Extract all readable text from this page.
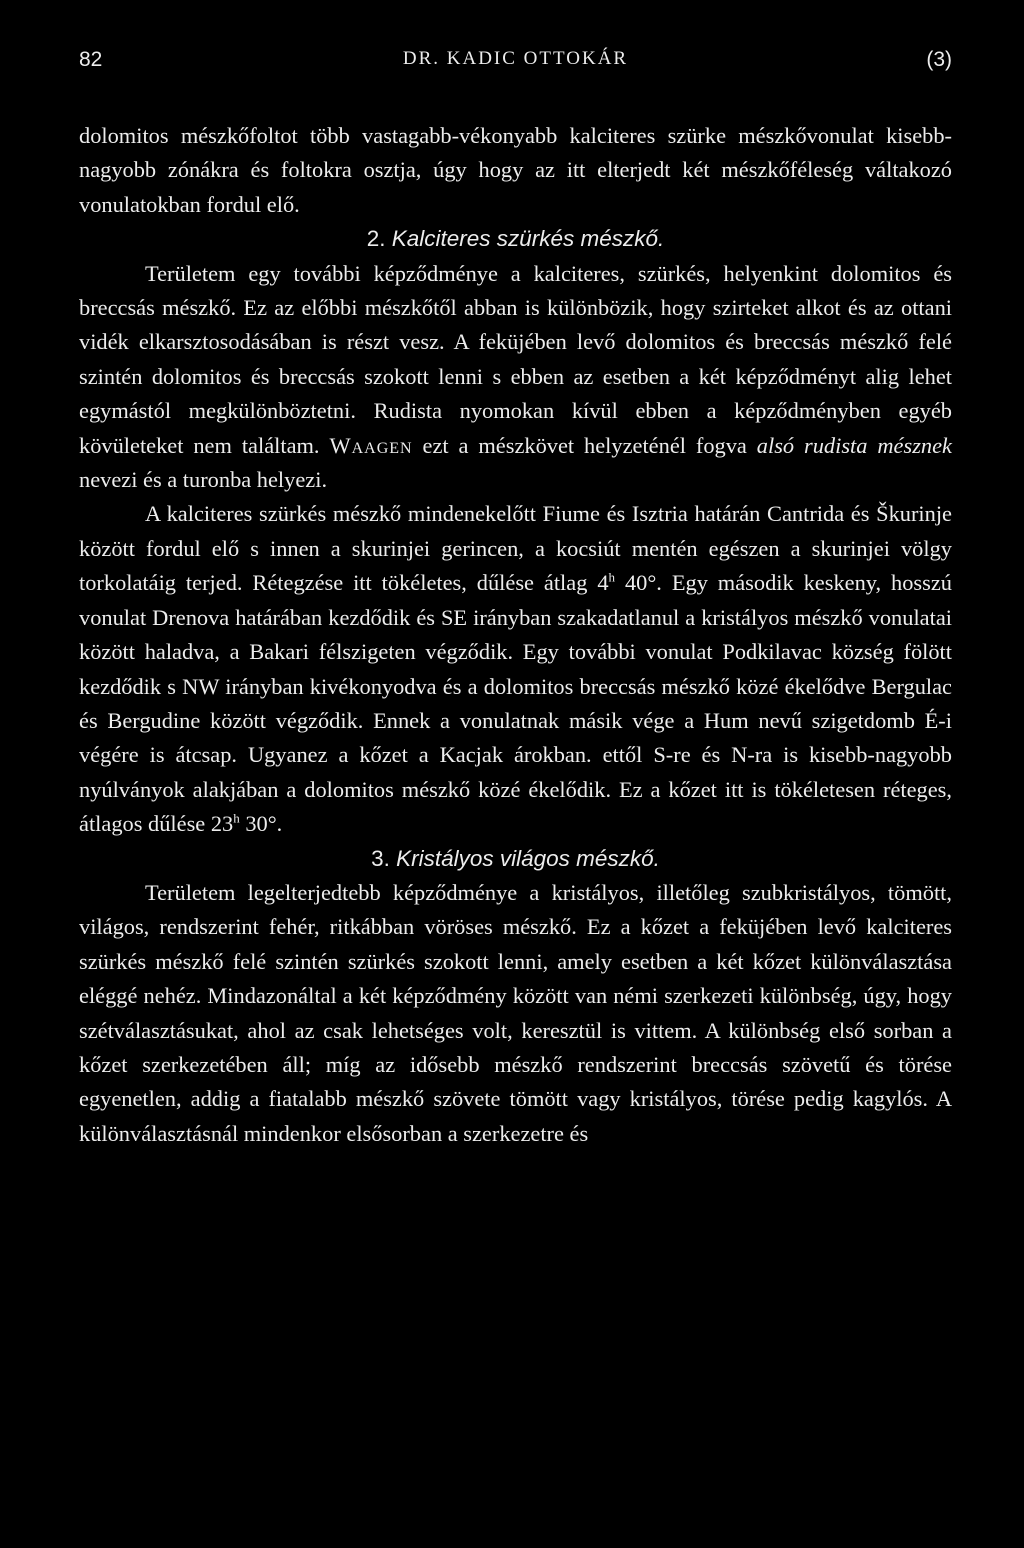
82	DR. KADIC OTTOKÁR	(3)

dolomitos mészkőfoltot több vastagabb-vékonyabb kalciteres szürke mészkővonulat kisebb-nagyobb zónákra és foltokra osztja, úgy hogy az itt elterjedt két mészkőféleség váltakozó vonulatokban fordul elő.

2. Kalciteres szürkés mészkő.

Területem egy további képződménye a kalciteres, szürkés, helyenkint dolomitos és breccsás mészkő. Ez az előbbi mészkőtől abban is különbözik, hogy szirteket alkot és az ottani vidék elkarsztosodásában is részt vesz. A feküjében levő dolomitos és breccsás mészkő felé szintén dolomitos és breccsás szokott lenni s ebben az esetben a két képződményt alig lehet egymástól megkülönböztetni. Rudista nyomokan kívül ebben a képződményben egyéb kövületeket nem találtam. Waagen ezt a mészkövet helyzeténél fogva alsó rudista mésznek nevezi és a turonba helyezi.

A kalciteres szürkés mészkő mindenekelőtt Fiume és Isztria határán Cantrida és Škurinje között fordul elő s innen a skurinjei gerincen, a kocsiút mentén egészen a skurinjei völgy torkolatáig terjed. Rétegzése itt tökéletes, dűlése átlag 4$^h$ 40°. Egy második keskeny, hosszú vonulat Drenova határában kezdődik és SE irányban szakadatlanul a kristályos mészkő vonulatai között haladva, a Bakari félszigeten végződik. Egy további vonulat Podkilavac község fölött kezdődik s NW irányban kivékonyodva és a dolomitos breccsás mészkő közé ékelődve Bergulac és Bergudine között végződik. Ennek a vonulatnak másik vége a Hum nevű szigetdomb É-i végére is átcsap. Ugyanez a kőzet a Kacjak árokban. ettől S-re és N-ra is kisebb-nagyobb nyúlványok alakjában a dolomitos mészkő közé ékelődik. Ez a kőzet itt is tökéletesen réteges, átlagos dűlése 23$^h$ 30°.

3. Kristályos világos mészkő.

Területem legelterjedtebb képződménye a kristályos, illetőleg szubkristályos, tömött, világos, rendszerint fehér, ritkábban vöröses mészkő. Ez a kőzet a feküjében levő kalciteres szürkés mészkő felé szintén szürkés szokott lenni, amely esetben a két kőzet különválasztása eléggé nehéz. Mindazonáltal a két képződmény között van némi szerkezeti különbség, úgy, hogy szétválasztásukat, ahol az csak lehetséges volt, keresztül is vittem. A különbség első sorban a kőzet szerkezetében áll; míg az idősebb mészkő rendszerint breccsás szövetű és törése egyenetlen, addig a fiatalabb mészkő szövete tömött vagy kristályos, törése pedig kagylós. A különválasztásnál mindenkor elsősorban a szerkezetre és
